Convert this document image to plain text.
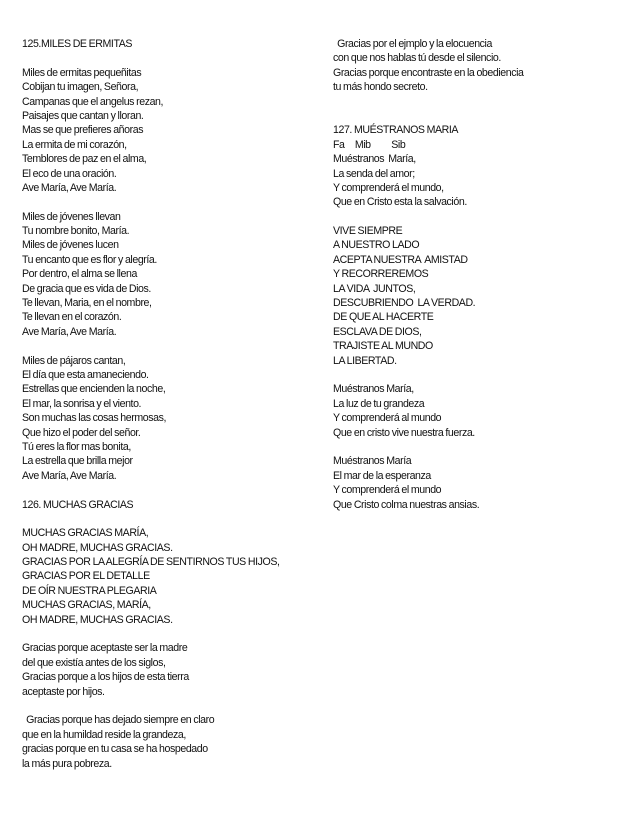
125.MILES DE ERMITAS
Miles de ermitas pequeñitas
Cobijan tu imagen, Señora,
Campanas que el angelus rezan,
Paisajes que cantan y lloran.
Mas se que prefieres añoras
La ermita de mi corazón,
Temblores de paz en el alma,
El eco de una oración.
Ave María, Ave María.
Miles de jóvenes llevan
Tu nombre bonito, María.
Miles de jóvenes lucen
Tu encanto que es flor y alegría.
Por dentro, el alma se llena
De gracia que es vida de Dios.
Te llevan, Maria, en el nombre,
Te llevan en el corazón.
Ave María, Ave María.
Miles de pájaros cantan,
El día que esta amaneciendo.
Estrellas que encienden la noche,
El mar, la sonrisa y el viento.
Son muchas las cosas hermosas,
Que hizo el poder del señor.
Tú eres la flor mas bonita,
La estrella que brilla mejor
Ave María, Ave María.
126. MUCHAS GRACIAS
MUCHAS GRACIAS MARÍA,
OH MADRE, MUCHAS GRACIAS.
GRACIAS POR LA ALEGRÍA DE SENTIRNOS TUS HIJOS,
GRACIAS POR EL DETALLE
DE OÍR NUESTRA PLEGARIA
MUCHAS GRACIAS, MARÍA,
OH MADRE, MUCHAS GRACIAS.
Gracias porque aceptaste ser la madre
del que existía antes de los siglos,
Gracias porque a los hijos de esta tierra
aceptaste por hijos.
Gracias porque has dejado siempre en claro
que en la humildad reside la grandeza,
gracias porque en tu casa se ha hospedado
la más pura pobreza.
Gracias por el ejmplo y la elocuencia
con que nos hablas tú desde el silencio.
Gracias porque encontraste en la obediencia
tu más hondo secreto.
127. MUÉSTRANOS MARIA
Fa     Mib          Sib
Muéstranos  María,
La senda del amor;
Y comprenderá el mundo,
Que en Cristo esta la salvación.
VIVE SIEMPRE
A NUESTRO LADO
ACEPTA NUESTRA  AMISTAD
Y RECORREREMOS
LA VIDA  JUNTOS,
DESCUBRIENDO  LA VERDAD.
DE QUE AL HACERTE
ESCLAVA DE DIOS,
TRAJISTE AL MUNDO
LA LIBERTAD.
Muéstranos María,
La luz de tu grandeza
Y comprenderá al mundo
Que en cristo vive nuestra fuerza.
Muéstranos María
El mar de la esperanza
Y comprenderá el mundo
Que Cristo colma nuestras ansias.
